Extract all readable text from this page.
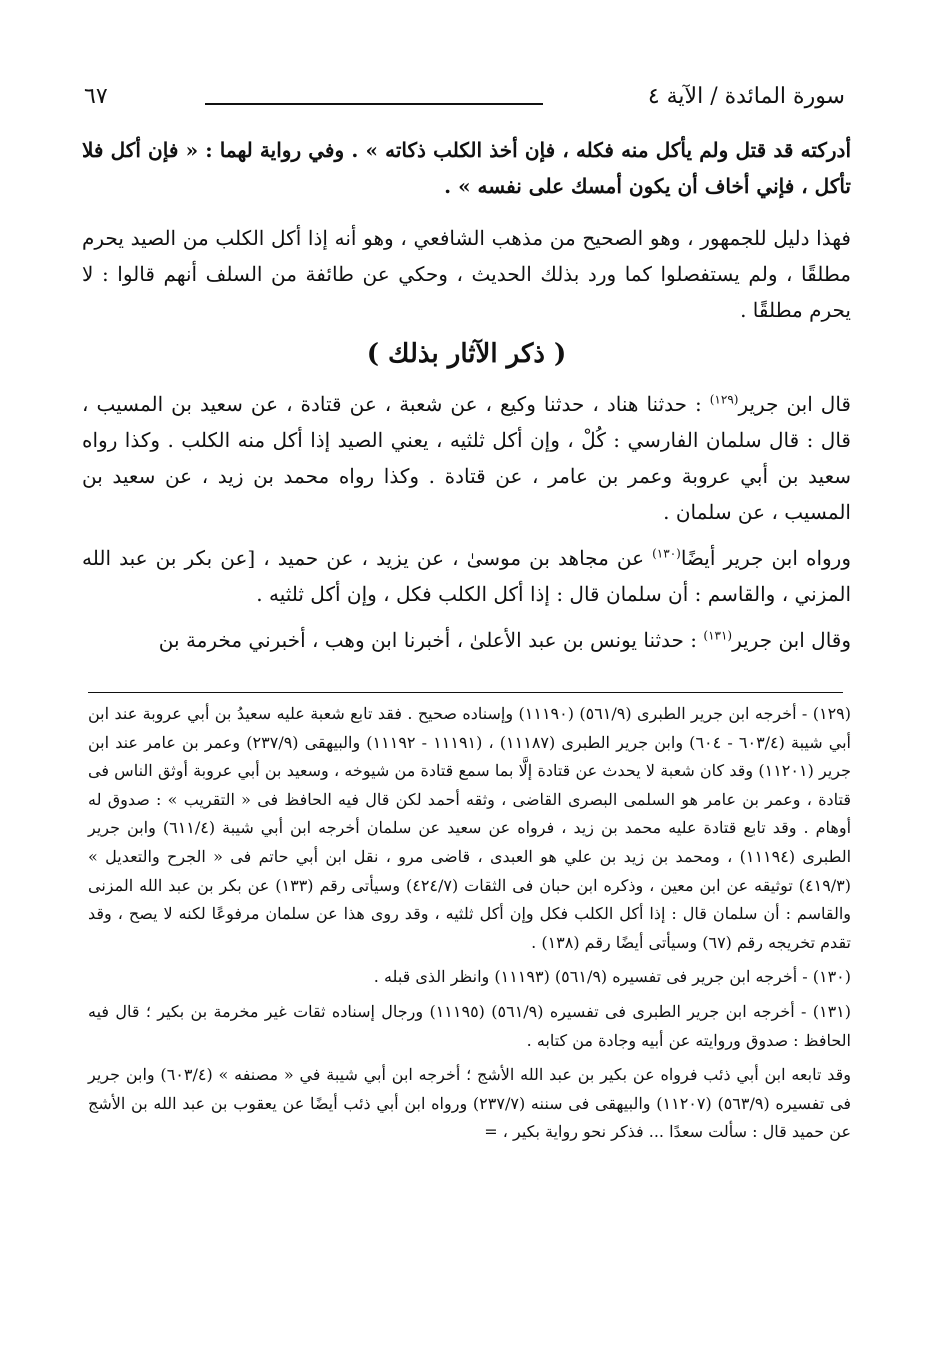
سورة المائدة / الآية ٤
٦٧

أدركته قد قتل ولم يأكل منه فكله ، فإن أخذ الكلب ذكاته » . وفي رواية لهما : « فإن أكل فلا تأكل ، فإني أخاف أن يكون أمسك على نفسه » .

فهذا دليل للجمهور ، وهو الصحيح من مذهب الشافعي ، وهو أنه إذا أكل الكلب من الصيد يحرم مطلقًا ، ولم يستفصلوا كما ورد بذلك الحديث ، وحكي عن طائفة من السلف أنهم قالوا : لا يحرم مطلقًا .

( ذكر الآثار بذلك )

قال ابن جرير$^{(١٢٩)}$ : حدثنا هناد ، حدثنا وكيع ، عن شعبة ، عن قتادة ، عن سعيد بن المسيب ، قال : قال سلمان الفارسي : كُلْ ، وإن أكل ثلثيه ، يعني الصيد إذا أكل منه الكلب . وكذا رواه سعيد بن أبي عروبة وعمر بن عامر ، عن قتادة . وكذا رواه محمد بن زيد ، عن سعيد بن المسيب ، عن سلمان .

ورواه ابن جرير أيضًا$^{(١٣٠)}$ عن مجاهد بن موسىٰ ، عن يزيد ، عن حميد ، [عن بكر بن عبد الله المزني ، والقاسم : أن سلمان قال : إذا أكل الكلب فكل ، وإن أكل ثلثيه .

وقال ابن جرير$^{(١٣١)}$ : حدثنا يونس بن عبد الأعلىٰ ، أخبرنا ابن وهب ، أخبرني مخرمة بن

(١٢٩) - أخرجه ابن جرير الطبرى (٥٦١/٩) (١١١٩٠) وإسناده صحيح . فقد تابع شعبة عليه سعيدُ بن أبي عروبة عند ابن أبي شيبة (٦٠٣/٤ - ٦٠٤) وابن جرير الطبرى (١١١٨٧) ، (١١١٩١ - ١١١٩٢) والبيهقى (٢٣٧/٩) وعمر بن عامر عند ابن جرير (١١٢٠١) وقد كان شعبة لا يحدث عن قتادة إلَّا بما سمع قتادة من شيوخه ، وسعيد بن أبي عروبة أوثق الناس فى قتادة ، وعمر بن عامر هو السلمى البصرى القاضى ، وثقه أحمد لكن قال فيه الحافظ فى « التقريب » : صدوق له أوهام . وقد تابع قتادة عليه محمد بن زيد ، فرواه عن سعيد عن سلمان أخرجه ابن أبي شيبة (٦١١/٤) وابن جرير الطبرى (١١١٩٤) ، ومحمد بن زيد بن علي هو العبدى ، قاضى مرو ، نقل ابن أبي حاتم فى « الجرح والتعديل » (٤١٩/٣) توثيقه عن ابن معين ، وذكره ابن حبان فى الثقات (٤٢٤/٧) وسيأتى رقم (١٣٣) عن بكر بن عبد الله المزنى والقاسم : أن سلمان قال : إذا أكل الكلب فكل وإن أكل ثلثيه ، وقد روى هذا عن سلمان مرفوعًا لكنه لا يصح ، وقد تقدم تخريجه رقم (٦٧) وسيأتى أيضًا رقم (١٣٨) .

(١٣٠) - أخرجه ابن جرير فى تفسيره (٥٦١/٩) (١١١٩٣) وانظر الذى قبله .

(١٣١) - أخرجه ابن جرير الطبرى فى تفسيره (٥٦١/٩) (١١١٩٥) ورجال إسناده ثقات غير مخرمة بن بكير ؛ قال فيه الحافظ : صدوق وروايته عن أبيه وجادة من كتابه .

وقد تابعه ابن أبي ذئب فرواه عن بكير بن عبد الله الأشج ؛ أخرجه ابن أبي شيبة في « مصنفه » (٦٠٣/٤) وابن جرير فى تفسيره (٥٦٣/٩) (١١٢٠٧) والبيهقى فى سننه (٢٣٧/٧) ورواه ابن أبي ذئب أيضًا عن يعقوب بن عبد الله بن الأشج عن حميد قال : سألت سعدًا ... فذكر نحو رواية بكير ، =
